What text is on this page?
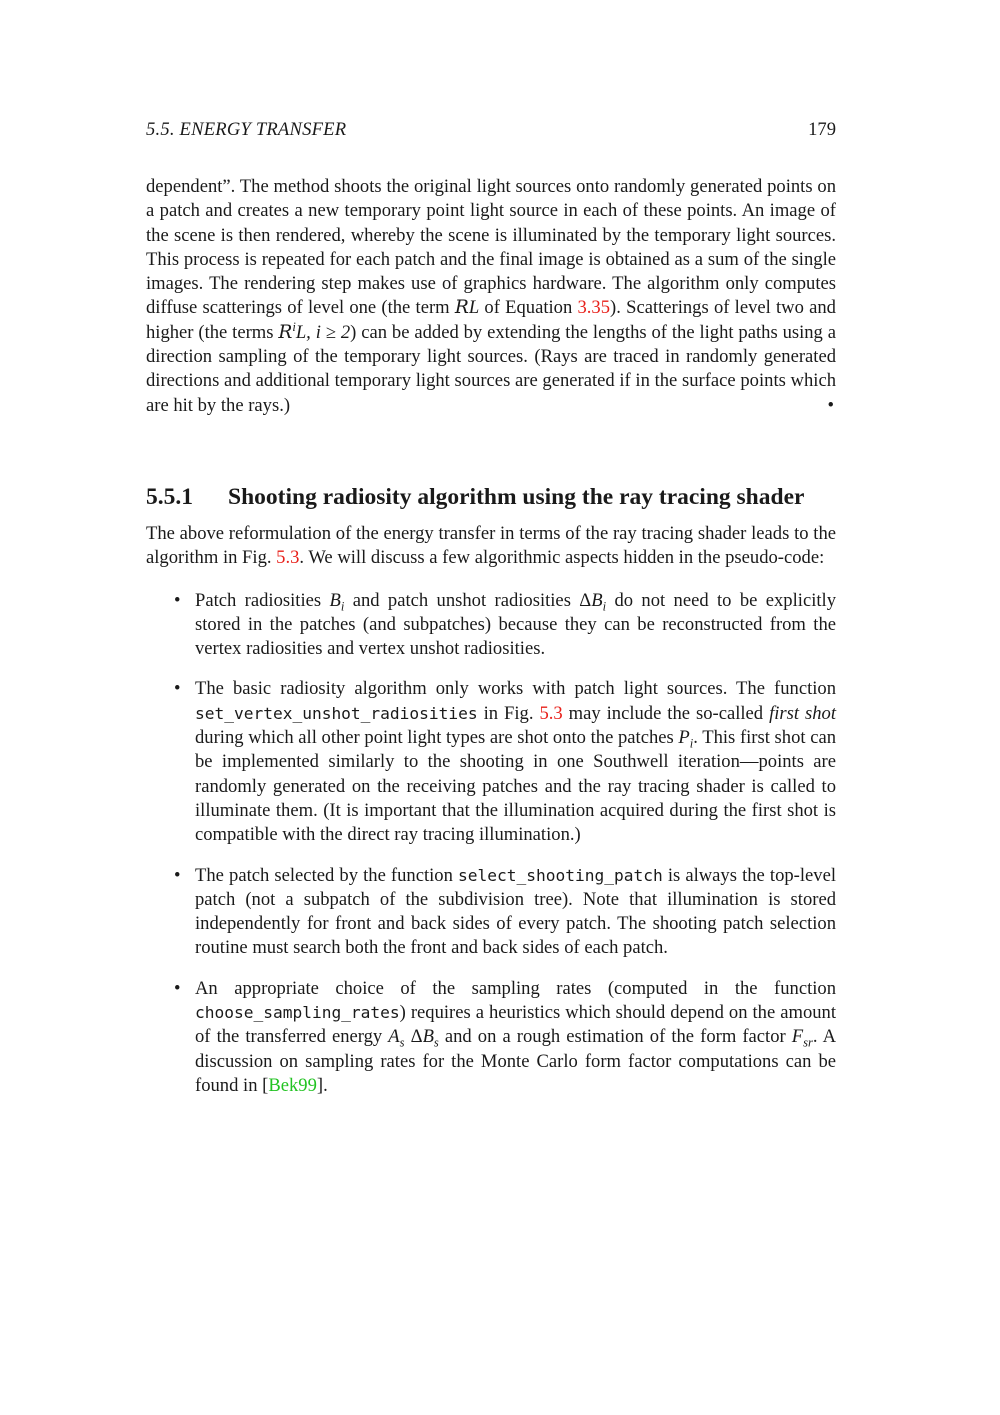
5.5. ENERGY TRANSFER	179

dependent”. The method shoots the original light sources onto randomly generated points on a patch and creates a new temporary point light source in each of these points. An image of the scene is then rendered, whereby the scene is illuminated by the temporary light sources. This process is repeated for each patch and the final image is obtained as a sum of the single images. The rendering step makes use of graphics hardware. The algorithm only computes diffuse scatterings of level one (the term RL of Equation 3.35). Scatterings of level two and higher (the terms $R^iL$, i ≥ 2) can be added by extending the lengths of the light paths using a direction sampling of the temporary light sources. (Rays are traced in randomly generated directions and additional temporary light sources are generated if in the surface points which are hit by the rays.)	•

5.5.1	Shooting radiosity algorithm using the ray tracing shader

The above reformulation of the energy transfer in terms of the ray tracing shader leads to the algorithm in Fig. 5.3. We will discuss a few algorithmic aspects hidden in the pseudo-code:

• Patch radiosities $B_i$ and patch unshot radiosities $\Delta B_i$ do not need to be explicitly stored in the patches (and subpatches) because they can be reconstructed from the vertex radiosities and vertex unshot radiosities.
• The basic radiosity algorithm only works with patch light sources. The function set_vertex_unshot_radiosities in Fig. 5.3 may include the so-called first shot during which all other point light types are shot onto the patches $P_i$. This first shot can be implemented similarly to the shooting in one Southwell iteration—points are randomly generated on the receiving patches and the ray tracing shader is called to illuminate them. (It is important that the illumination acquired during the first shot is compatible with the direct ray tracing illumination.)
• The patch selected by the function select_shooting_patch is always the top-level patch (not a subpatch of the subdivision tree). Note that illumination is stored independently for front and back sides of every patch. The shooting patch selection routine must search both the front and back sides of each patch.
• An appropriate choice of the sampling rates (computed in the function choose_sampling_rates) requires a heuristics which should depend on the amount of the transferred energy $A_s$ $\Delta B_s$ and on a rough estimation of the form factor $F_{sr}$. A discussion on sampling rates for the Monte Carlo form factor computations can be found in [Bek99].
